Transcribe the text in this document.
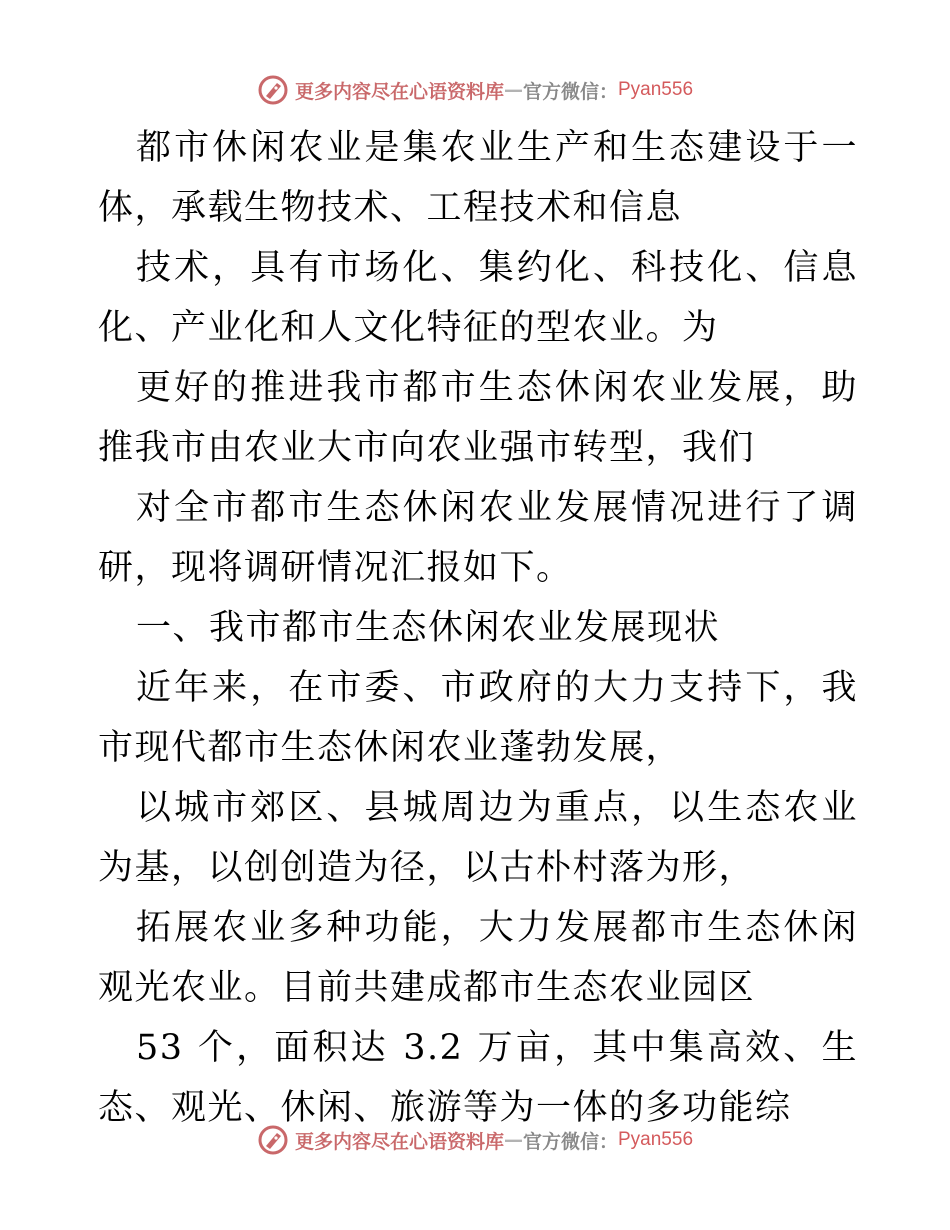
更多内容尽在心语资料库 — 官方微信： Pyan556

都市休闲农业是集农业生产和生态建设于一体，承载生物技术、工程技术和信息

技术，具有市场化、集约化、科技化、信息化、产业化和人文化特征的型农业。为

更好的推进我市都市生态休闲农业发展，助推我市由农业大市向农业强市转型，我们

对全市都市生态休闲农业发展情况进行了调研，现将调研情况汇报如下。

一、我市都市生态休闲农业发展现状

近年来，在市委、市政府的大力支持下，我市现代都市生态休闲农业蓬勃发展，

以城市郊区、县城周边为重点，以生态农业为基，以创创造为径，以古朴村落为形，

拓展农业多种功能，大力发展都市生态休闲观光农业。目前共建成都市生态农业园区

53 个，面积达 3.2 万亩，其中集高效、生态、观光、休闲、旅游等为一体的多功能综

更多内容尽在心语资料库 — 官方微信： Pyan556
